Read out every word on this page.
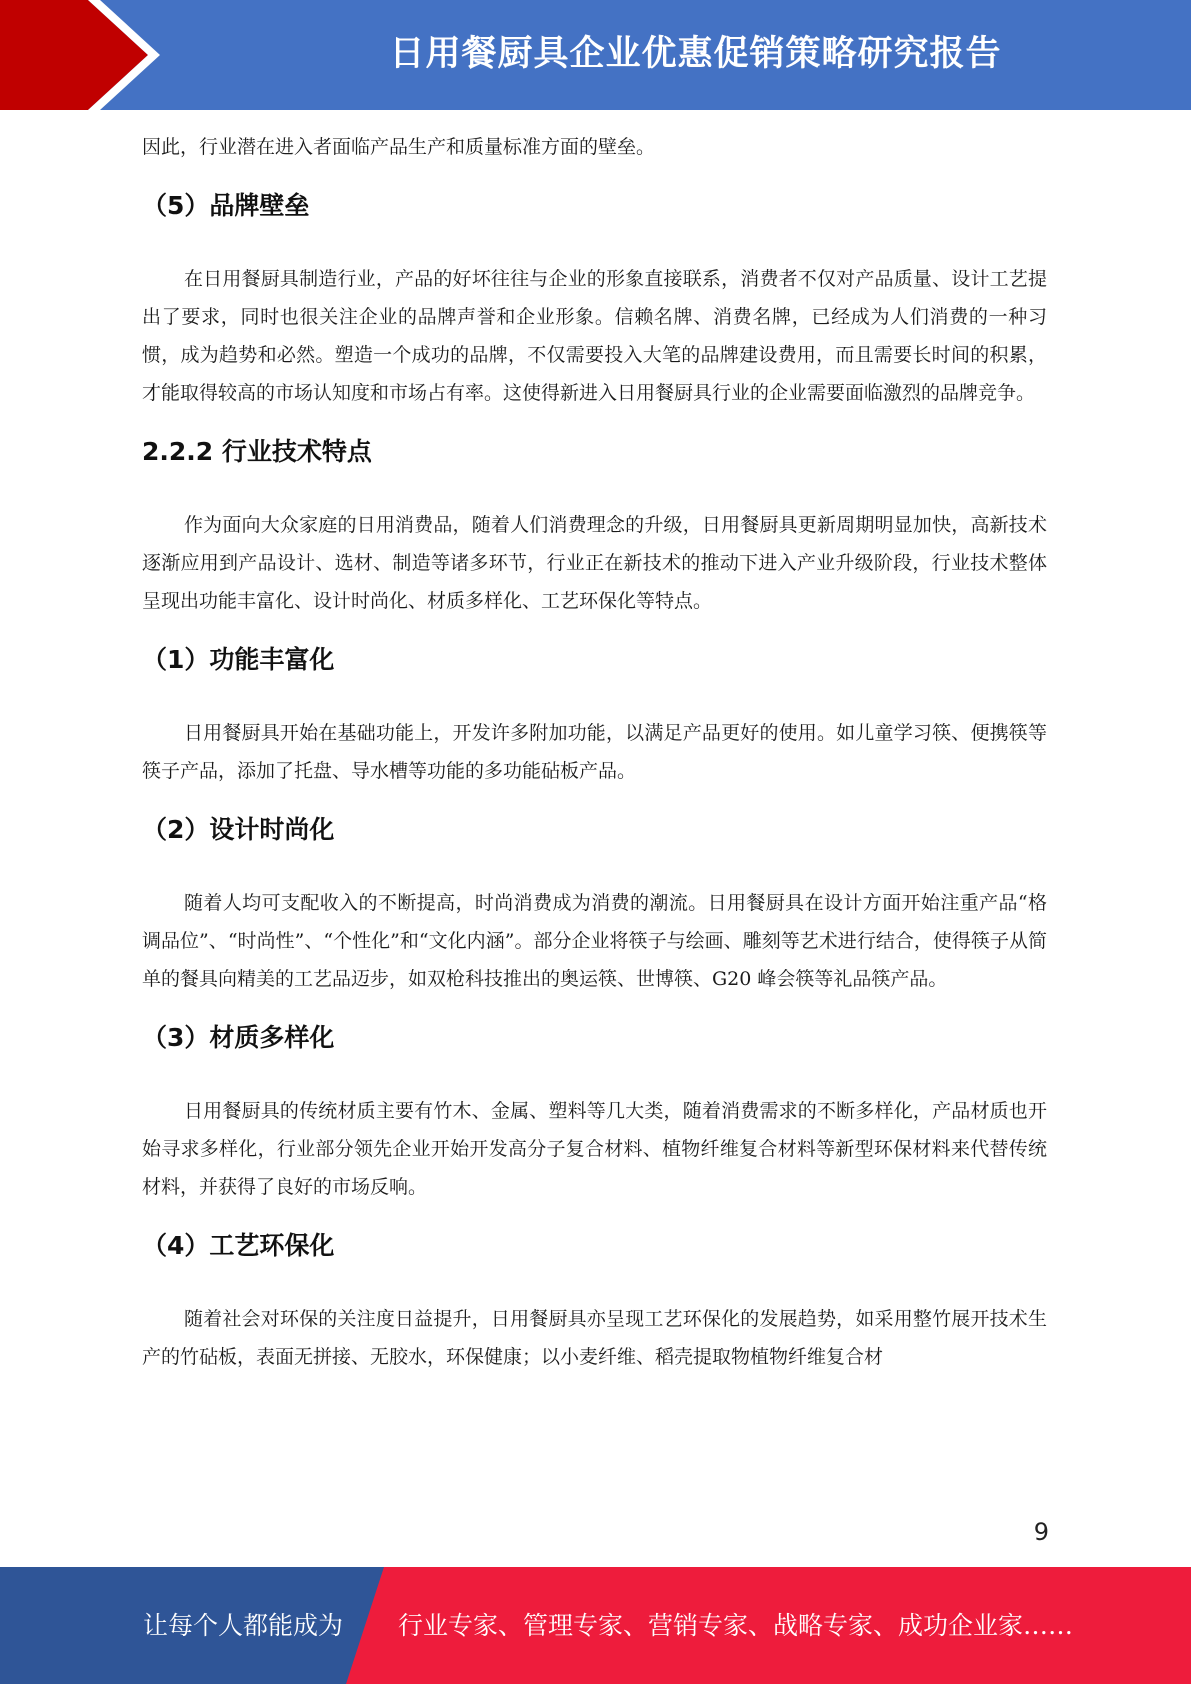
日用餐厨具企业优惠促销策略研究报告

因此，行业潜在进入者面临产品生产和质量标准方面的壁垒。

（5）品牌壁垒

在日用餐厨具制造行业，产品的好坏往往与企业的形象直接联系，消费者不仅对产品质量、设计工艺提出了要求，同时也很关注企业的品牌声誉和企业形象。信赖名牌、消费名牌，已经成为人们消费的一种习惯，成为趋势和必然。塑造一个成功的品牌，不仅需要投入大笔的品牌建设费用，而且需要长时间的积累，才能取得较高的市场认知度和市场占有率。这使得新进入日用餐厨具行业的企业需要面临激烈的品牌竞争。

2.2.2 行业技术特点

作为面向大众家庭的日用消费品，随着人们消费理念的升级，日用餐厨具更新周期明显加快，高新技术逐渐应用到产品设计、选材、制造等诸多环节，行业正在新技术的推动下进入产业升级阶段，行业技术整体呈现出功能丰富化、设计时尚化、材质多样化、工艺环保化等特点。

（1）功能丰富化

日用餐厨具开始在基础功能上，开发许多附加功能，以满足产品更好的使用。如儿童学习筷、便携筷等筷子产品，添加了托盘、导水槽等功能的多功能砧板产品。

（2）设计时尚化

随着人均可支配收入的不断提高，时尚消费成为消费的潮流。日用餐厨具在设计方面开始注重产品“格调品位”、“时尚性”、“个性化”和“文化内涵”。部分企业将筷子与绘画、雕刻等艺术进行结合，使得筷子从简单的餐具向精美的工艺品迈步，如双枪科技推出的奥运筷、世博筷、G20 峰会筷等礼品筷产品。

（3）材质多样化

日用餐厨具的传统材质主要有竹木、金属、塑料等几大类，随着消费需求的不断多样化，产品材质也开始寻求多样化，行业部分领先企业开始开发高分子复合材料、植物纤维复合材料等新型环保材料来代替传统材料，并获得了良好的市场反响。

（4）工艺环保化

随着社会对环保的关注度日益提升，日用餐厨具亦呈现工艺环保化的发展趋势，如采用整竹展开技术生产的竹砧板，表面无拼接、无胶水，环保健康；以小麦纤维、稻壳提取物植物纤维复合材

9
让每个人都能成为 行业专家、管理专家、营销专家、战略专家、成功企业家……
